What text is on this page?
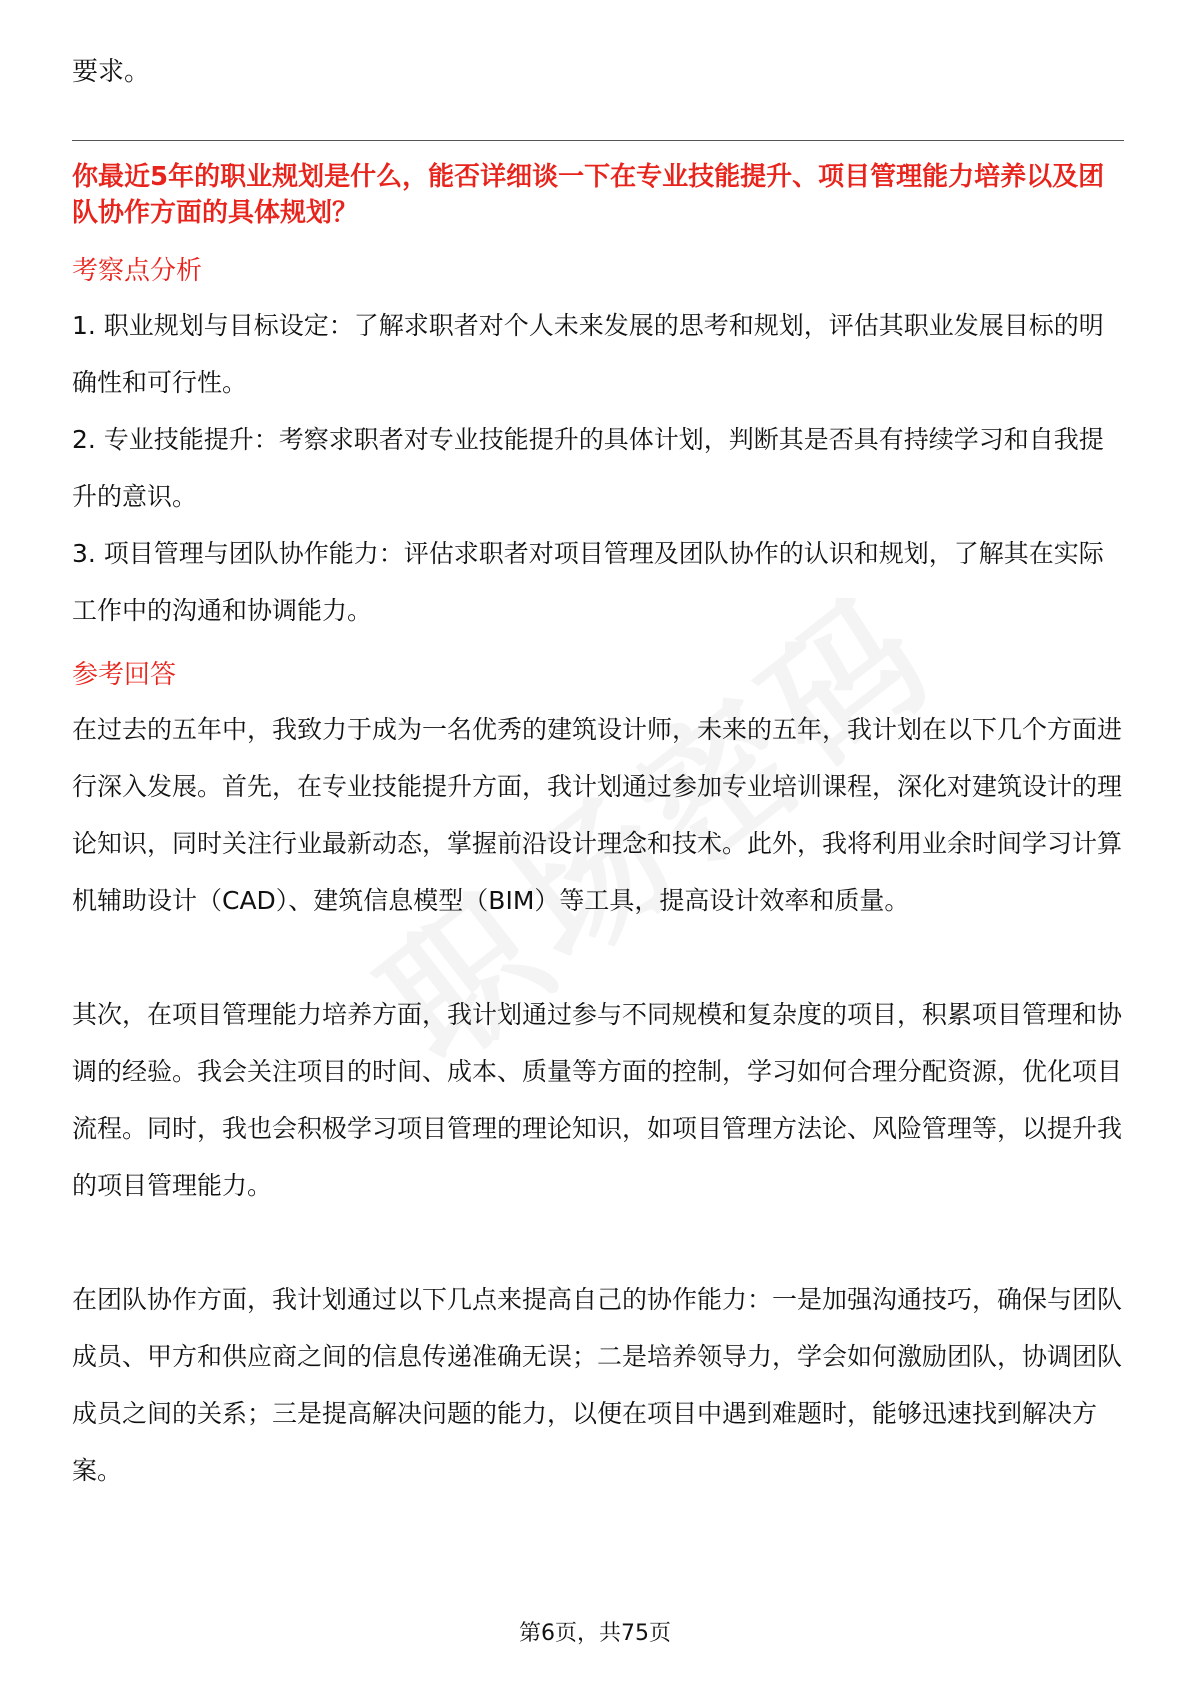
要求。

你最近5年的职业规划是什么，能否详细谈一下在专业技能提升、项目管理能力培养以及团队协作方面的具体规划？

考察点分析
1. 职业规划与目标设定：了解求职者对个人未来发展的思考和规划，评估其职业发展目标的明确性和可行性。
2. 专业技能提升：考察求职者对专业技能提升的具体计划，判断其是否具有持续学习和自我提升的意识。
3. 项目管理与团队协作能力：评估求职者对项目管理及团队协作的认识和规划，了解其在实际工作中的沟通和协调能力。
参考回答

在过去的五年中，我致力于成为一名优秀的建筑设计师，未来的五年，我计划在以下几个方面进行深入发展。首先，在专业技能提升方面，我计划通过参加专业培训课程，深化对建筑设计的理论知识，同时关注行业最新动态，掌握前沿设计理念和技术。此外，我将利用业余时间学习计算机辅助设计（CAD）、建筑信息模型（BIM）等工具，提高设计效率和质量。

其次，在项目管理能力培养方面，我计划通过参与不同规模和复杂度的项目，积累项目管理和协调的经验。我会关注项目的时间、成本、质量等方面的控制，学习如何合理分配资源，优化项目流程。同时，我也会积极学习项目管理的理论知识，如项目管理方法论、风险管理等，以提升我的项目管理能力。

在团队协作方面，我计划通过以下几点来提高自己的协作能力：一是加强沟通技巧，确保与团队成员、甲方和供应商之间的信息传递准确无误；二是培养领导力，学会如何激励团队，协调团队成员之间的关系；三是提高解决问题的能力，以便在项目中遇到难题时，能够迅速找到解决方案。

第6页，共75页
